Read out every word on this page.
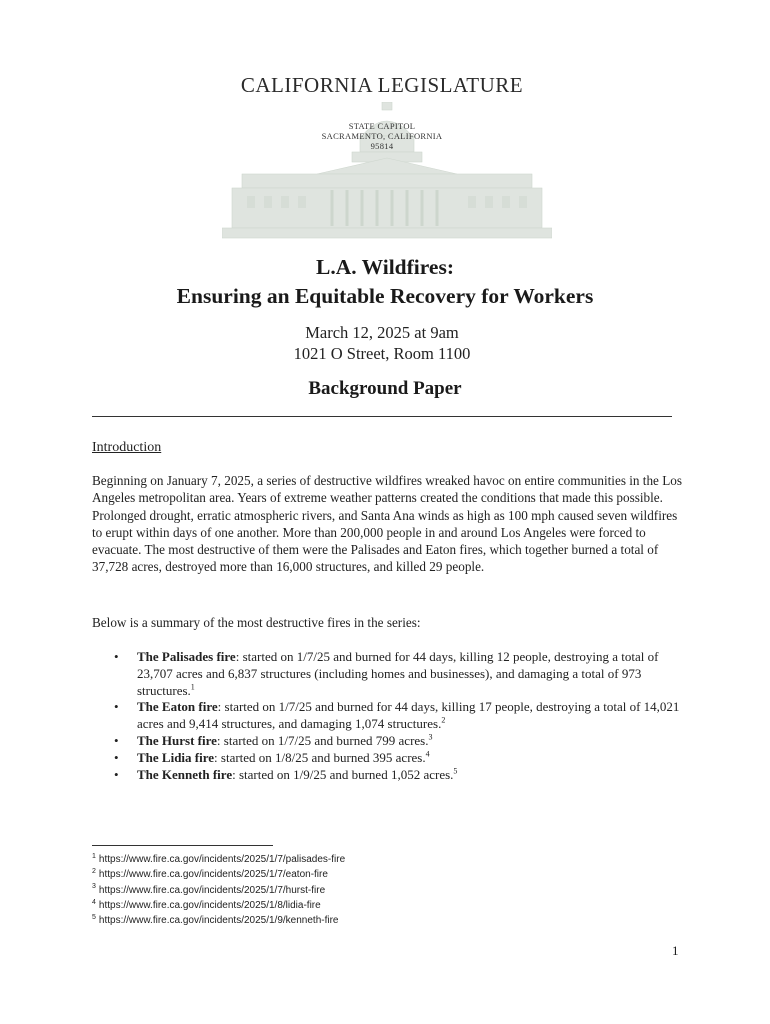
CALIFORNIA LEGISLATURE
STATE CAPITOL
SACRAMENTO, CALIFORNIA
95814
L.A. Wildfires:
Ensuring an Equitable Recovery for Workers
March 12, 2025 at 9am
1021 O Street, Room 1100
Background Paper
Introduction
Beginning on January 7, 2025, a series of destructive wildfires wreaked havoc on entire communities in the Los Angeles metropolitan area. Years of extreme weather patterns created the conditions that made this possible. Prolonged drought, erratic atmospheric rivers, and Santa Ana winds as high as 100 mph caused seven wildfires to erupt within days of one another. More than 200,000 people in and around Los Angeles were forced to evacuate. The most destructive of them were the Palisades and Eaton fires, which together burned a total of 37,728 acres, destroyed more than 16,000 structures, and killed 29 people.
Below is a summary of the most destructive fires in the series:
• The Palisades fire: started on 1/7/25 and burned for 44 days, killing 12 people, destroying a total of 23,707 acres and 6,837 structures (including homes and businesses), and damaging a total of 973 structures.$^1$
• The Eaton fire: started on 1/7/25 and burned for 44 days, killing 17 people, destroying a total of 14,021 acres and 9,414 structures, and damaging 1,074 structures.$^2$
• The Hurst fire: started on 1/7/25 and burned 799 acres.$^3$
• The Lidia fire: started on 1/8/25 and burned 395 acres.$^4$
• The Kenneth fire: started on 1/9/25 and burned 1,052 acres.$^5$
$^1$ https://www.fire.ca.gov/incidents/2025/1/7/palisades-fire
$^2$ https://www.fire.ca.gov/incidents/2025/1/7/eaton-fire
$^3$ https://www.fire.ca.gov/incidents/2025/1/7/hurst-fire
$^4$ https://www.fire.ca.gov/incidents/2025/1/8/lidia-fire
$^5$ https://www.fire.ca.gov/incidents/2025/1/9/kenneth-fire
1
